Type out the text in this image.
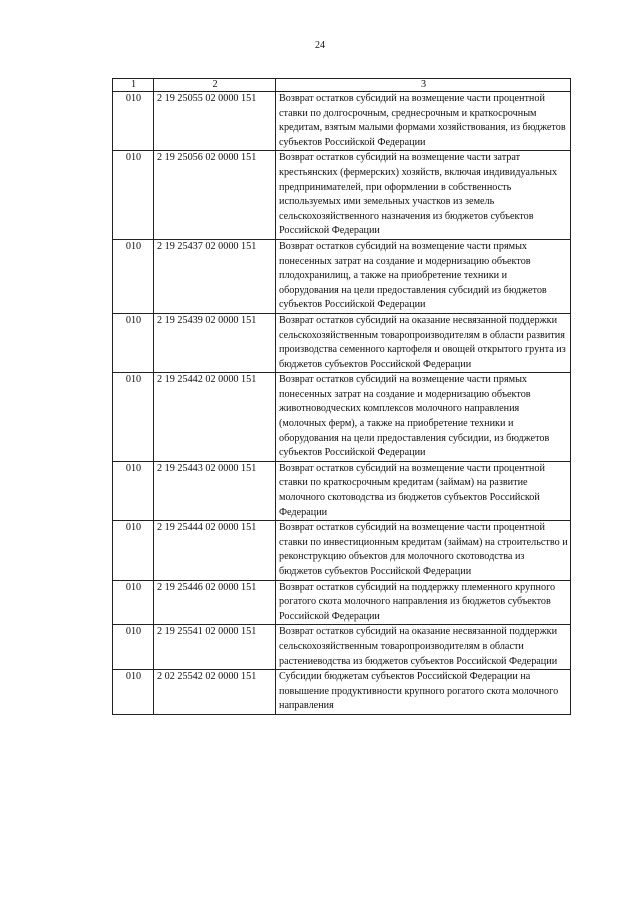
24
1	2	3
010	2 19 25055 02 0000 151	Возврат остатков субсидий на возмещение части процентной ставки по долгосрочным, среднесрочным и краткосрочным кредитам, взятым малыми формами хозяйствования, из бюджетов субъектов Российской Федерации
010	2 19 25056 02 0000 151	Возврат остатков субсидий на возмещение части затрат крестьянских (фермерских) хозяйств, включая индивидуальных предпринимателей, при оформлении в собственность используемых ими земельных участков из земель сельскохозяйственного назначения из бюджетов субъектов Российской Федерации
010	2 19 25437 02 0000 151	Возврат остатков субсидий на возмещение части прямых понесенных затрат на создание и модернизацию объектов плодохранилищ, а также на приобретение техники и оборудования на цели предоставления субсидий из бюджетов субъектов Российской Федерации
010	2 19 25439 02 0000 151	Возврат остатков субсидий на оказание несвязанной поддержки сельскохозяйственным товаропроизводителям в области развития производства семенного картофеля и овощей открытого грунта из бюджетов субъектов Российской Федерации
010	2 19 25442 02 0000 151	Возврат остатков субсидий на возмещение части прямых понесенных затрат на создание и модернизацию объектов животноводческих комплексов молочного направления (молочных ферм), а также на приобретение техники и оборудования на цели предоставления субсидии, из бюджетов субъектов Российской Федерации
010	2 19 25443 02 0000 151	Возврат остатков субсидий на возмещение части процентной ставки по краткосрочным кредитам (займам) на развитие молочного скотоводства из бюджетов субъектов Российской Федерации
010	2 19 25444 02 0000 151	Возврат остатков субсидий на возмещение части процентной ставки по инвестиционным кредитам (займам) на строительство и реконструкцию объектов для молочного скотоводства из бюджетов субъектов Российской Федерации
010	2 19 25446 02 0000 151	Возврат остатков субсидий на поддержку племенного крупного рогатого скота молочного направления из бюджетов субъектов Российской Федерации
010	2 19 25541 02 0000 151	Возврат остатков субсидий на оказание несвязанной поддержки сельскохозяйственным товаропроизводителям в области растениеводства из бюджетов субъектов Российской Федерации
010	2 02 25542 02 0000 151	Субсидии бюджетам субъектов Российской Федерации на повышение продуктивности крупного рогатого скота молочного направления
